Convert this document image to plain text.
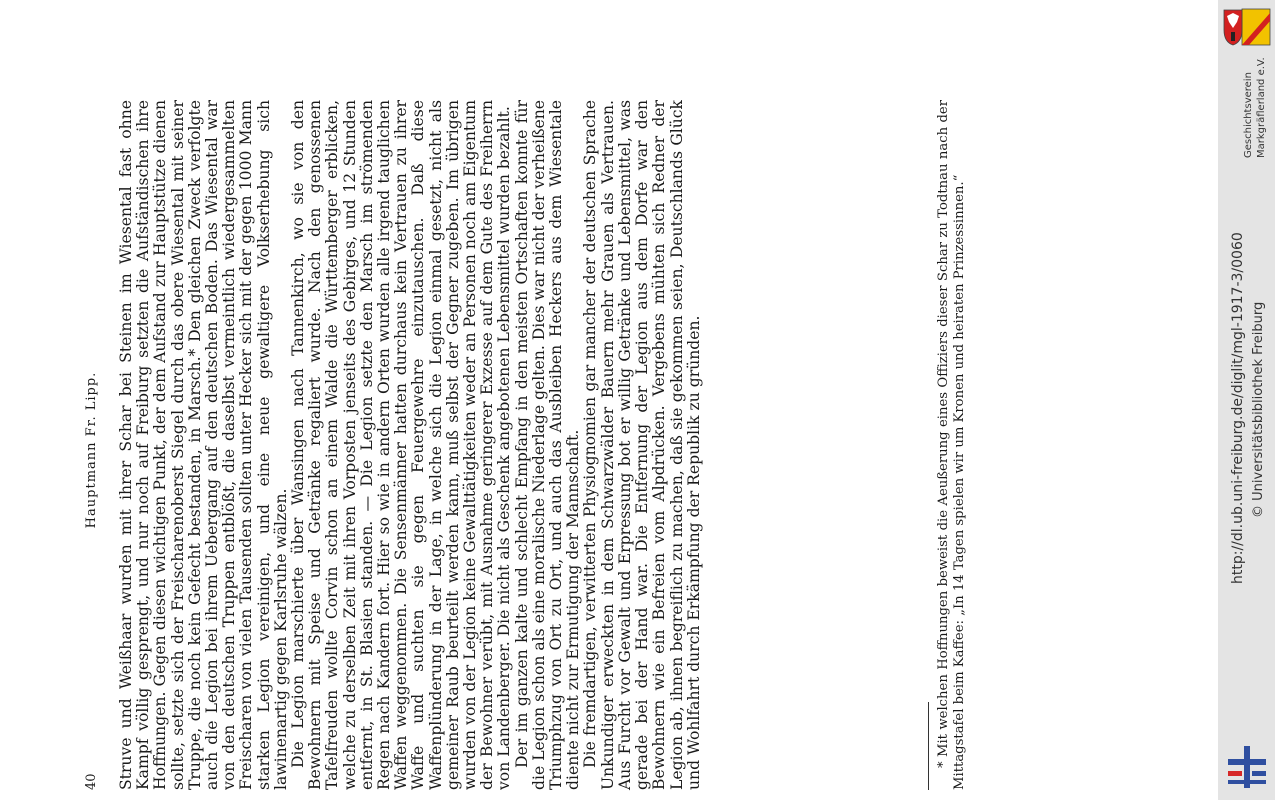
40
Hauptmann Fr. Lipp. Struve und Weißhaar wurden mit ihrer Schar bei Steinen im Wiesental fast ohne Kampf völlig gesprengt, und nur noch auf Freiburg setzten die Aufständischen ihre Hoffnungen. Gegen diesen wichtigen Punkt, der dem Aufstand zur Hauptstütze dienen sollte, setzte sich der Freischarenoberst Siegel durch das obere Wiesental mit seiner Truppe, die noch kein Gefecht bestanden, in Marsch.* Den gleichen Zweck verfolgte auch die Legion bei ihrem Uebergang auf den deutschen Boden. Das Wiesental war von den deutschen Truppen entblößt, die daselbst vermeintlich wiedergesammelten Freischaren von vielen Tausenden sollten unter Hecker sich mit der gegen 1000 Mann starken Legion vereinigen, und eine neue gewaltigere Volkserhebung sich lawinenartig gegen Karlsruhe wälzen. Die Legion marschierte über Wansingen nach Tannenkirch, wo sie von den Bewohnern mit Speise und Getränke regaliert wurde. Nach den genossenen Tafelfreuden wollte Corvin schon an einem Walde die Württemberger erblicken, welche zu derselben Zeit mit ihren Vorposten jenseits des Gebirges, und 12 Stunden entfernt, in St. Blasien standen. — Die Legion setzte den Marsch im strömenden Regen nach Kandern fort. Hier so wie in andern Orten wurden alle irgend tauglichen Waffen weggenommen. Die Sensenmänner hatten durchaus kein Vertrauen zu ihrer Waffe und suchten sie gegen Feuergewehre einzutauschen. Daß diese Waffenplünderung in der Lage, in welche sich die Legion einmal gesetzt, nicht als gemeiner Raub beurteilt werden kann, muß selbst der Gegner zugeben. Im übrigen wurden von der Legion keine Gewalttätigkeiten weder an Personen noch am Eigentum der Bewohner verübt, mit Ausnahme geringerer Exzesse auf dem Gute des Freiherrn von Landenberger. Die nicht als Geschenk angebotenen Lebensmittel wurden bezahlt. Der im ganzen kalte und schlecht Empfang in den meisten Ortschaften konnte für die Legion schon als eine moralische Niederlage gelten. Dies war nicht der verheißene Triumphzug von Ort zu Ort, und auch das Ausbleiben Heckers aus dem Wiesentale diente nicht zur Ermutigung der Mannschaft. Die fremdartigen, verwitterten Physiognomien gar mancher der deutschen Sprache Unkundiger erweckten in dem Schwarzwälder Bauern mehr Grauen als Vertrauen. Aus Furcht vor Gewalt und Erpressung bot er willig Getränke und Lebensmittel, was gerade bei der Hand war. Die Entfernung der Legion aus dem Dorfe war den Bewohnern wie ein Befreien vom Alpdrücken. Vergebens mühten sich Redner der Legion ab, ihnen begreiflich zu machen, daß sie gekommen seien, Deutschlands Glück und Wohlfahrt durch Erkämpfung der Republik zu gründen.	* Mit welchen Hoffnungen beweist die Aeußerung eines Offiziers dieser Schar zu Todtnau nach der Mittagstafel beim Kaffee: „In 14 Tagen spielen wir um Kronen und heiraten Prinzessinnen.“
Geschichtsverein Markgräflerland e.V.
http://dl.ub.uni-freiburg.de/diglit/mgl-1917-3/0060 © Universitätsbibliothek Freiburg
